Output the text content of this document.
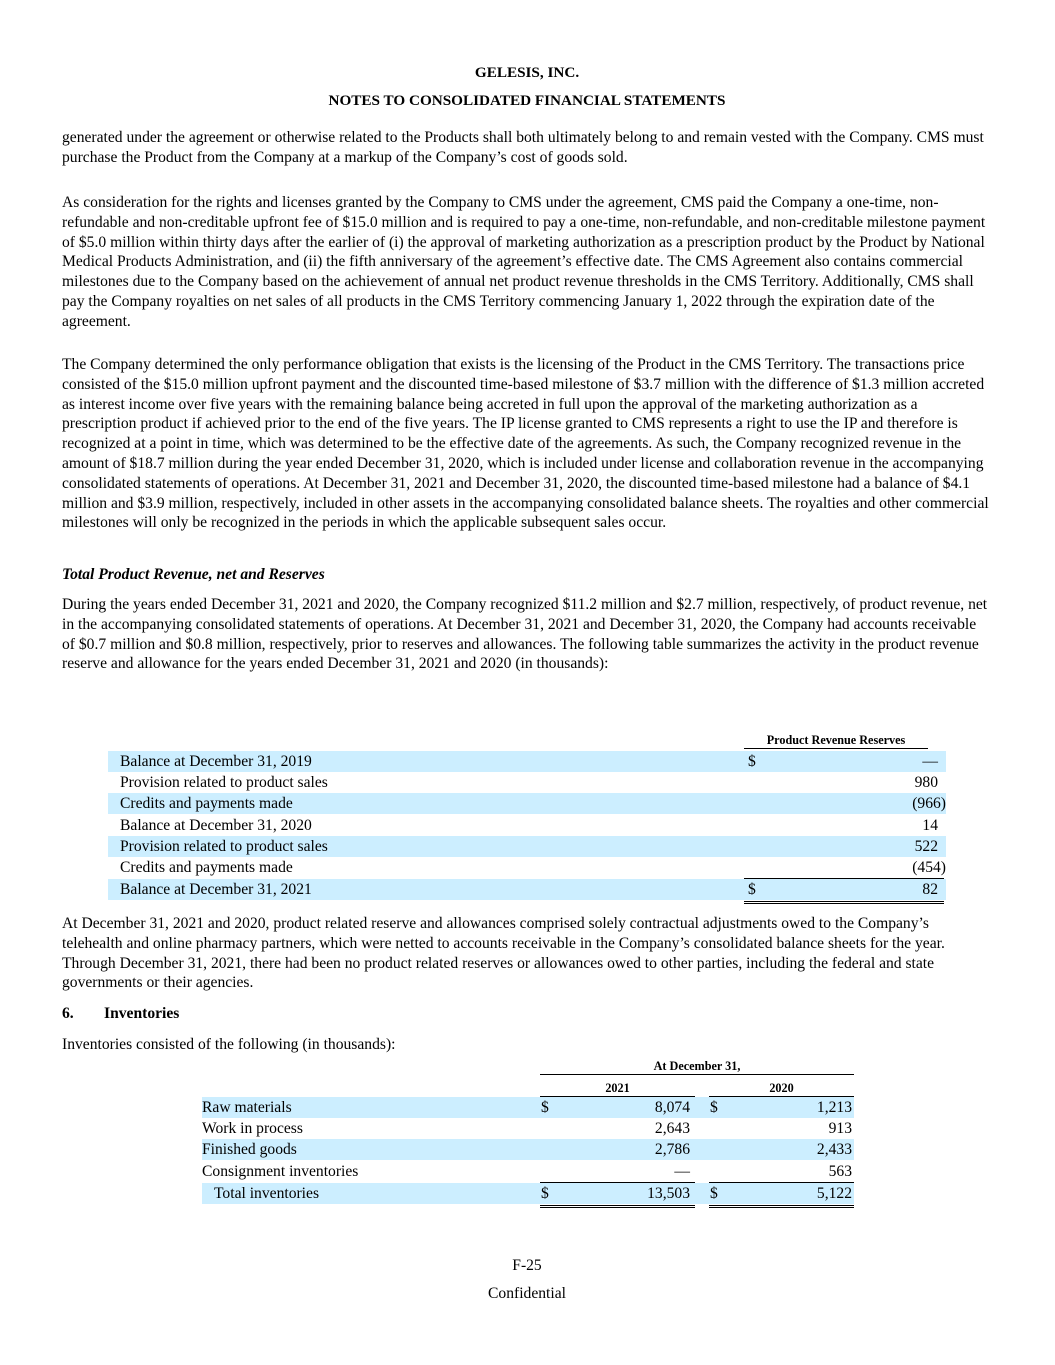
GELESIS, INC.
NOTES TO CONSOLIDATED FINANCIAL STATEMENTS

generated under the agreement or otherwise related to the Products shall both ultimately belong to and remain vested with the Company. CMS must purchase the Product from the Company at a markup of the Company’s cost of goods sold.

As consideration for the rights and licenses granted by the Company to CMS under the agreement, CMS paid the Company a one-time, non-refundable and non-creditable upfront fee of $15.0 million and is required to pay a one-time, non-refundable, and non-creditable milestone payment of $5.0 million within thirty days after the earlier of (i) the approval of marketing authorization as a prescription product by the Product by National Medical Products Administration, and (ii) the fifth anniversary of the agreement’s effective date. The CMS Agreement also contains commercial milestones due to the Company based on the achievement of annual net product revenue thresholds in the CMS Territory. Additionally, CMS shall pay the Company royalties on net sales of all products in the CMS Territory commencing January 1, 2022 through the expiration date of the agreement.

The Company determined the only performance obligation that exists is the licensing of the Product in the CMS Territory. The transactions price consisted of the $15.0 million upfront payment and the discounted time-based milestone of $3.7 million with the difference of $1.3 million accreted as interest income over five years with the remaining balance being accreted in full upon the approval of the marketing authorization as a prescription product if achieved prior to the end of the five years. The IP license granted to CMS represents a right to use the IP and therefore is recognized at a point in time, which was determined to be the effective date of the agreements. As such, the Company recognized revenue in the amount of $18.7 million during the year ended December 31, 2020, which is included under license and collaboration revenue in the accompanying consolidated statements of operations. At December 31, 2021 and December 31, 2020, the discounted time-based milestone had a balance of $4.1 million and $3.9 million, respectively, included in other assets in the accompanying consolidated balance sheets. The royalties and other commercial milestones will only be recognized in the periods in which the applicable subsequent sales occur.

Total Product Revenue, net and Reserves

During the years ended December 31, 2021 and 2020, the Company recognized $11.2 million and $2.7 million, respectively, of product revenue, net in the accompanying consolidated statements of operations. At December 31, 2021 and December 31, 2020, the Company had accounts receivable of $0.7 million and $0.8 million, respectively, prior to reserves and allowances. The following table summarizes the activity in the product revenue reserve and allowance for the years ended December 31, 2021 and 2020 (in thousands):

Product Revenue Reserves
Balance at December 31, 2019	$	—
Provision related to product sales	980
Credits and payments made	(966)
Balance at December 31, 2020	14
Provision related to product sales	522
Credits and payments made	(454)
Balance at December 31, 2021	$	82

At December 31, 2021 and 2020, product related reserve and allowances comprised solely contractual adjustments owed to the Company’s telehealth and online pharmacy partners, which were netted to accounts receivable in the Company’s consolidated balance sheets for the year. Through December 31, 2021, there had been no product related reserves or allowances owed to other parties, including the federal and state governments or their agencies.

6. Inventories

Inventories consisted of the following (in thousands):

At December 31,
2021	2020
Raw materials	$	8,074 $	1,213
Work in process	2,643	913
Finished goods	2,786	2,433
Consignment inventories	—	563
Total inventories	$	13,503 $	5,122
F-25
Confidential
